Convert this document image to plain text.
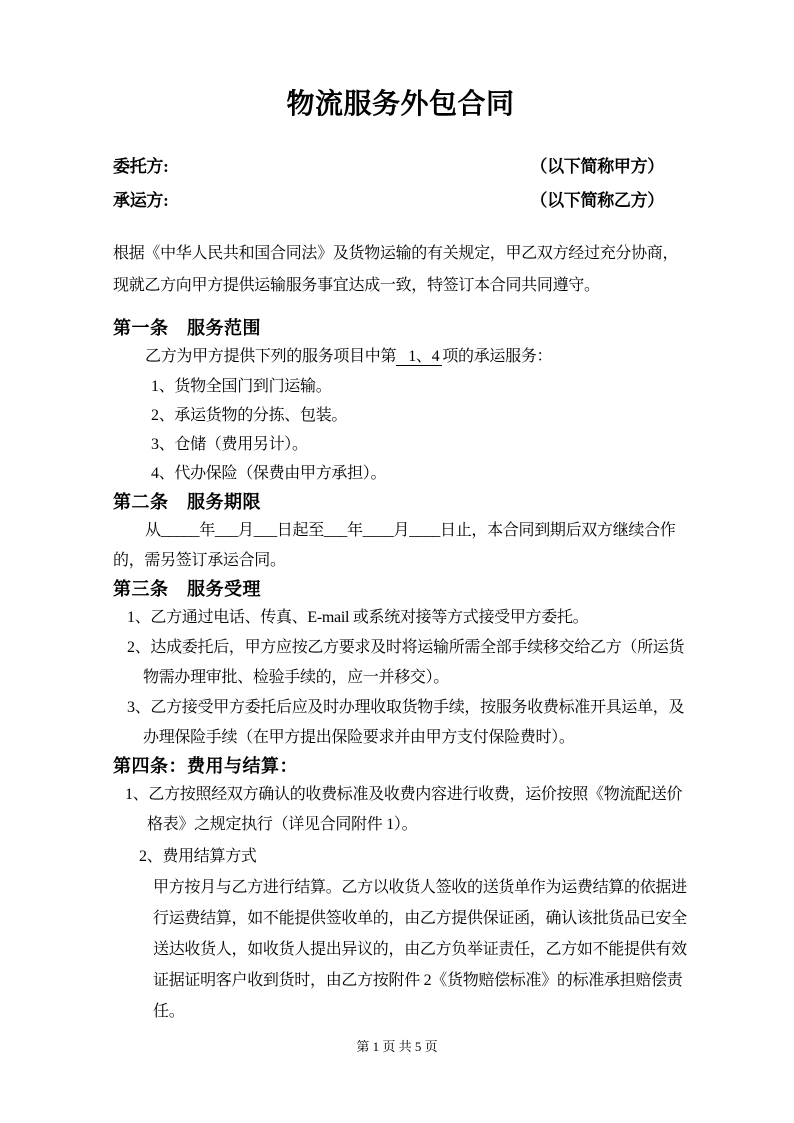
物流服务外包合同
委托方:	（以下简称甲方）
承运方:	（以下简称乙方）

根据《中华人民共和国合同法》及货物运输的有关规定，甲乙双方经过充分协商，现就乙方向甲方提供运输服务事宜达成一致，特签订本合同共同遵守。

第一条　服务范围

乙方为甲方提供下列的服务项目中第 1、4 项的承运服务：

1、货物全国门到门运输。

2、承运货物的分拣、包装。

3、仓储（费用另计）。

4、代办保险（保费由甲方承担）。

第二条　服务期限

从_____年___月___日起至___年____月____日止，本合同到期后双方继续合作的，需另签订承运合同。

第三条　服务受理

1、乙方通过电话、传真、E-mail 或系统对接等方式接受甲方委托。

2、达成委托后，甲方应按乙方要求及时将运输所需全部手续移交给乙方（所运货物需办理审批、检验手续的，应一并移交）。

3、乙方接受甲方委托后应及时办理收取货物手续，按服务收费标准开具运单，及办理保险手续（在甲方提出保险要求并由甲方支付保险费时）。

第四条：费用与结算：

1、乙方按照经双方确认的收费标准及收费内容进行收费，运价按照《物流配送价格表》之规定执行（详见合同附件 1）。

2、费用结算方式

甲方按月与乙方进行结算。乙方以收货人签收的送货单作为运费结算的依据进行运费结算，如不能提供签收单的，由乙方提供保证函，确认该批货品已安全送达收货人，如收货人提出异议的，由乙方负举证责任，乙方如不能提供有效证据证明客户收到货时，由乙方按附件 2《货物赔偿标准》的标准承担赔偿责任。

第 1 页 共 5 页
